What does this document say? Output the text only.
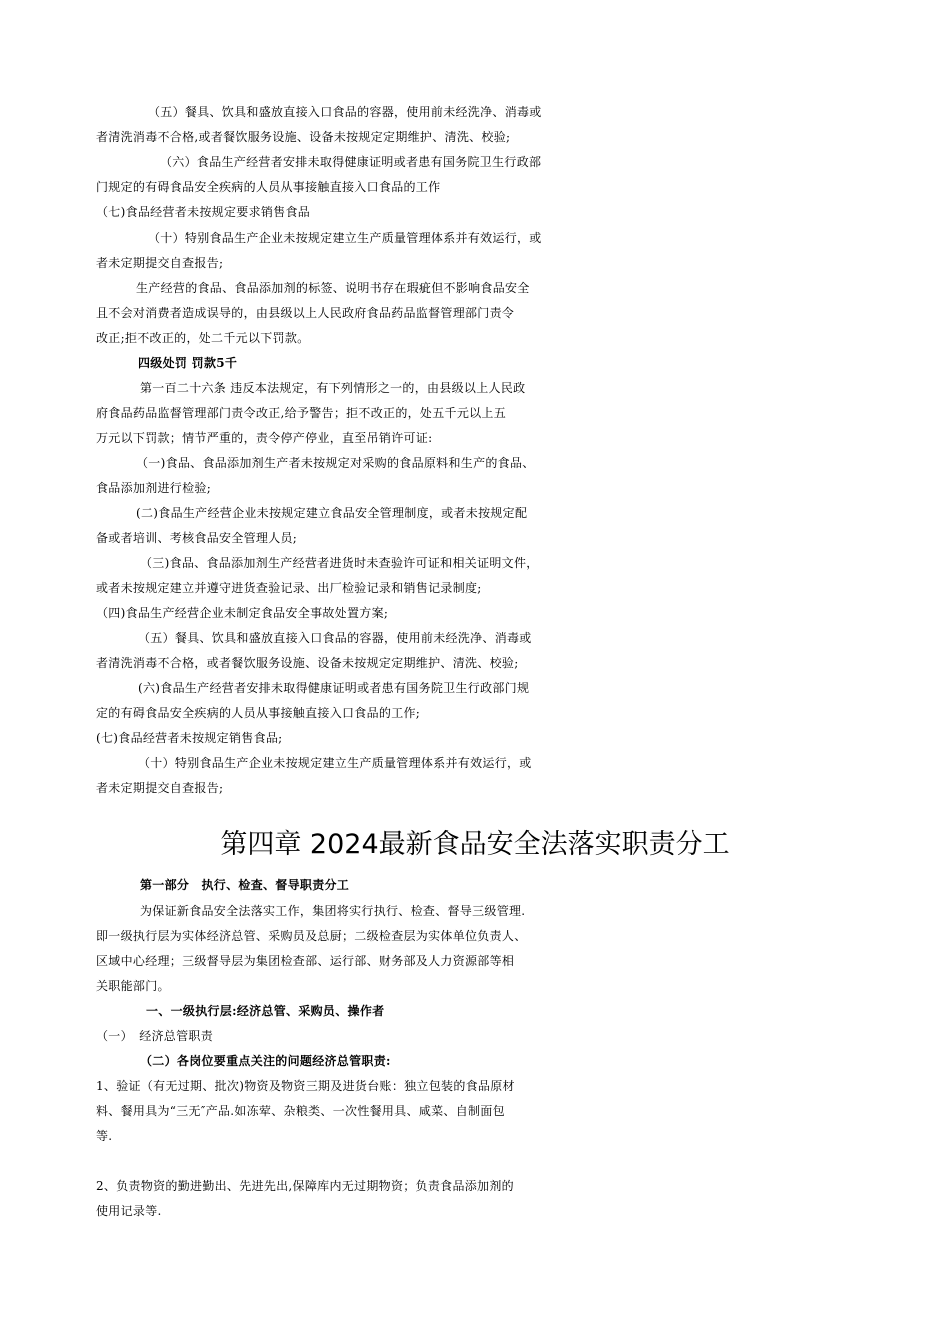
（五）餐具、饮具和盛放直接入口食品的容器，使用前未经洗净、消毒或
者清洗消毒不合格,或者餐饮服务设施、设备未按规定定期维护、清洗、校验;
（六）食品生产经营者安排未取得健康证明或者患有国务院卫生行政部
门规定的有碍食品安全疾病的人员从事接触直接入口食品的工作
（七)食品经营者未按规定要求销售食品
（十）特别食品生产企业未按规定建立生产质量管理体系并有效运行，或
者未定期提交自查报告;
生产经营的食品、食品添加剂的标签、说明书存在瑕疵但不影响食品安全
且不会对消费者造成误导的，由县级以上人民政府食品药品监督管理部门责令
改正;拒不改正的，处二千元以下罚款。
四级处罚 罚款5千
第一百二十六条 违反本法规定，有下列情形之一的，由县级以上人民政
府食品药品监督管理部门责令改正,给予警告；拒不改正的，处五千元以上五
万元以下罚款；情节严重的，责令停产停业，直至吊销许可证:
（一)食品、食品添加剂生产者未按规定对采购的食品原料和生产的食品、
食品添加剂进行检验;
(二)食品生产经营企业未按规定建立食品安全管理制度，或者未按规定配
备或者培训、考核食品安全管理人员;
（三)食品、食品添加剂生产经营者进货时未查验许可证和相关证明文件，
或者未按规定建立并遵守进货查验记录、出厂检验记录和销售记录制度;
（四)食品生产经营企业未制定食品安全事故处置方案;
（五）餐具、饮具和盛放直接入口食品的容器，使用前未经洗净、消毒或
者清洗消毒不合格，或者餐饮服务设施、设备未按规定定期维护、清洗、校验;
(六)食品生产经营者安排未取得健康证明或者患有国务院卫生行政部门规
定的有碍食品安全疾病的人员从事接触直接入口食品的工作;
(七)食品经营者未按规定销售食品;
（十）特别食品生产企业未按规定建立生产质量管理体系并有效运行，或
者未定期提交自查报告;
第四章 2024最新食品安全法落实职责分工
第一部分　执行、检查、督导职责分工
为保证新食品安全法落实工作，集团将实行执行、检查、督导三级管理.
即一级执行层为实体经济总管、采购员及总厨；二级检查层为实体单位负责人、
区域中心经理；三级督导层为集团检查部、运行部、财务部及人力资源部等相
关职能部门。
一、一级执行层:经济总管、采购员、操作者
（一）　经济总管职责
（二）各岗位要重点关注的问题经济总管职责:
1、验证（有无过期、批次)物资及物资三期及进货台账：独立包装的食品原材
料、餐用具为“三无″产品.如冻荤、杂粮类、一次性餐用具、咸菜、自制面包
等.
2、负责物资的勤进勤出、先进先出,保障库内无过期物资；负责食品添加剂的
使用记录等.
